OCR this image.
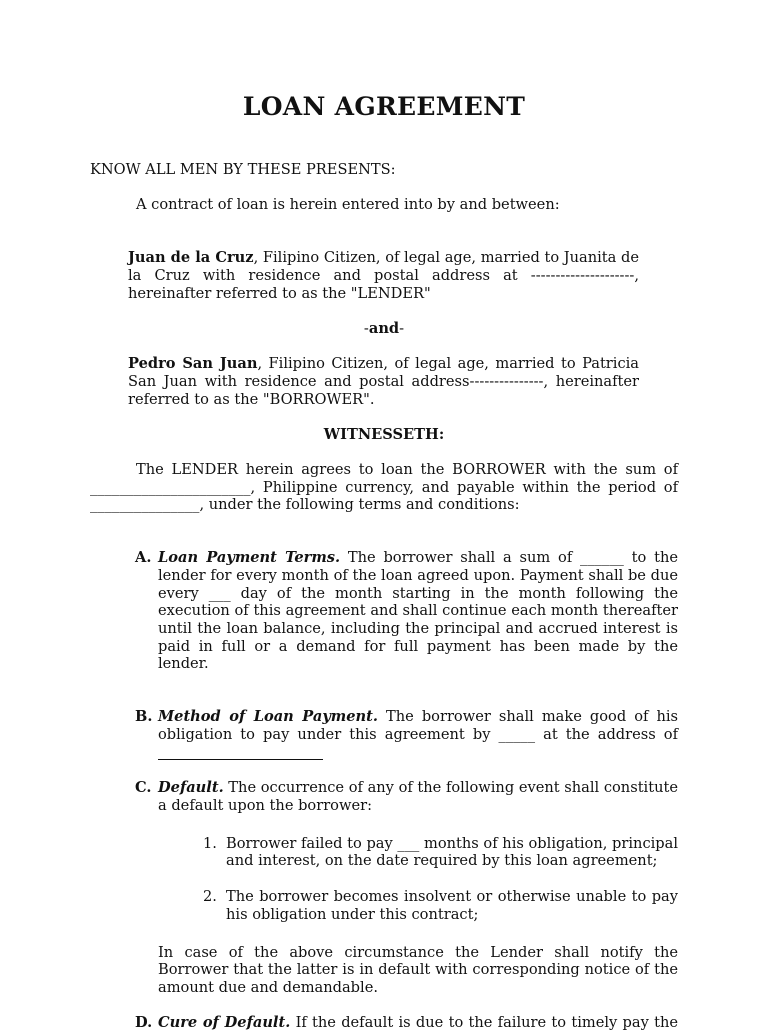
LOAN AGREEMENT
KNOW ALL MEN BY THESE PRESENTS:
A contract of loan is herein entered into by and between:
Juan de la Cruz, Filipino Citizen, of legal age, married to Juanita de
la Cruz with residence and postal address at ---------------------,
hereinafter referred to as the "LENDER"
-and-
Pedro San Juan, Filipino Citizen, of legal age, married to Patricia
San Juan with residence and postal address---------------, hereinafter
referred to as the "BORROWER".
WITNESSETH:
The LENDER herein agrees to loan the BORROWER with the sum of
______________________, Philippine currency, and payable within the period of
_______________, under the following terms and conditions:
A. Loan Payment Terms. The borrower shall a sum of ______ to the
lender for every month of the loan agreed upon. Payment shall be due
every ___ day of the month starting in the month following the
execution of this agreement and shall continue each month thereafter
until the loan balance, including the principal and accrued interest is
paid in full or a demand for full payment has been made by the
lender.
B. Method of Loan Payment. The borrower shall make good of his
obligation to pay under this agreement by _____ at the address of
C. Default. The occurrence of any of the following event shall constitute
a default upon the borrower:
1. Borrower failed to pay ___ months of his obligation, principal
and interest, on the date required by this loan agreement;
2. The borrower becomes insolvent or otherwise unable to pay
his obligation under this contract;
In case of the above circumstance the Lender shall notify the
Borrower that the latter is in default with corresponding notice of the
amount due and demandable.
D. Cure of Default. If the default is due to the failure to timely pay the
